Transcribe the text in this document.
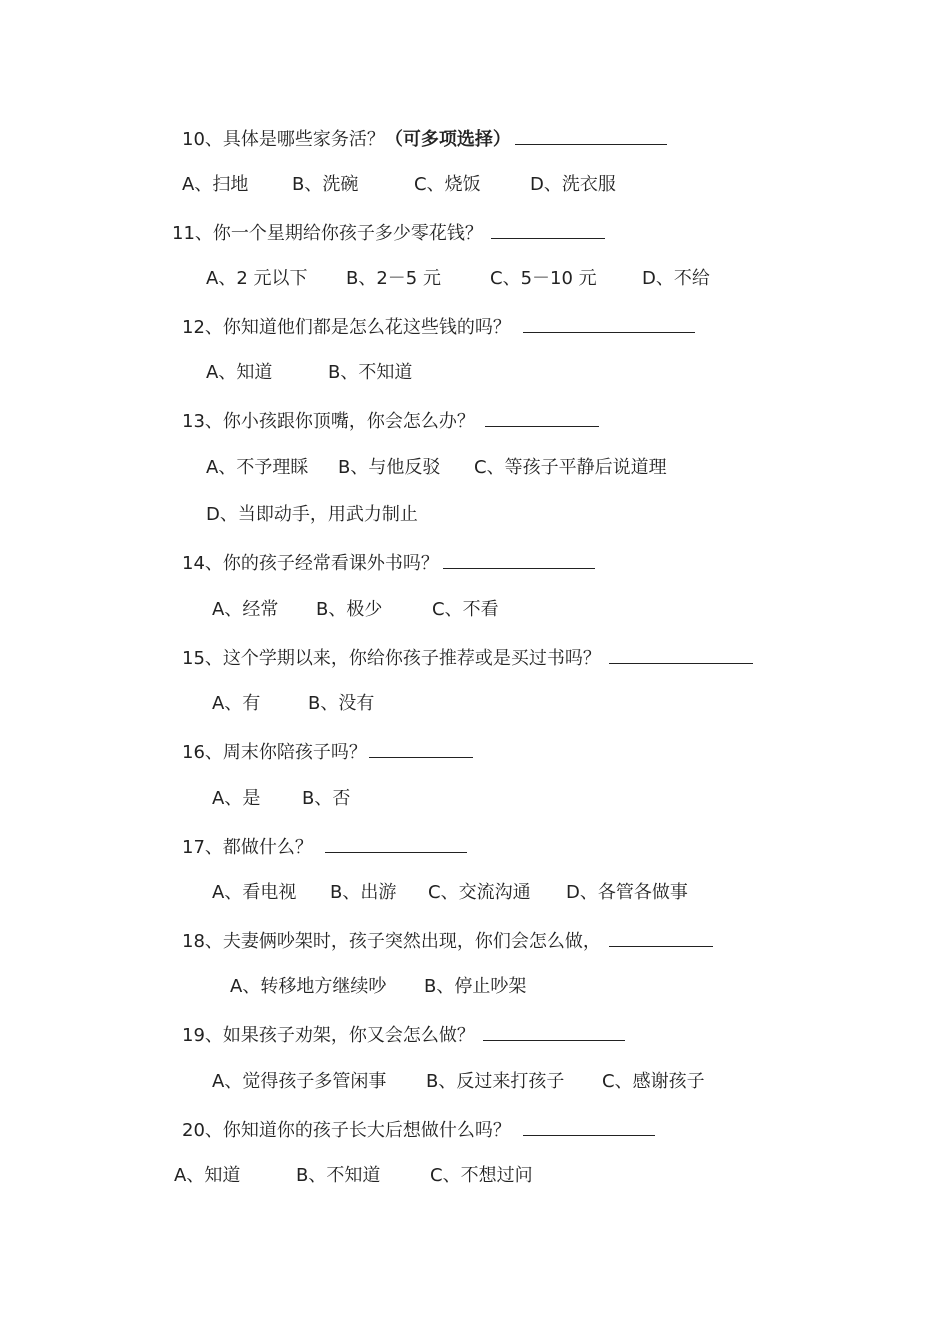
10、具体是哪些家务活？（可多项选择）
A、扫地 B、洗碗	C、烧饭	D、洗衣服
11、你一个星期给你孩子多少零花钱？
A、2 元以下 B、2－5 元	C、5－10 元	D、不给
12、你知道他们都是怎么花这些钱的吗？
A、知道	B、不知道
13、你小孩跟你顶嘴，你会怎么办？
A、不予理睬 B、与他反驳 C、等孩子平静后说道理
D、当即动手，用武力制止
14、你的孩子经常看课外书吗？
A、经常 B、极少	C、不看
15、这个学期以来，你给你孩子推荐或是买过书吗？
A、有	B、没有
16、周末你陪孩子吗？
A、是 B、否
17、都做什么？
A、看电视 B、出游 C、交流沟通 D、各管各做事
18、夫妻俩吵架时，孩子突然出现，你们会怎么做，
A、转移地方继续吵 B、停止吵架
19、如果孩子劝架，你又会怎么做？
A、觉得孩子多管闲事 B、反过来打孩子 C、感谢孩子
20、你知道你的孩子长大后想做什么吗？
A、知道	B、不知道	C、不想过问
